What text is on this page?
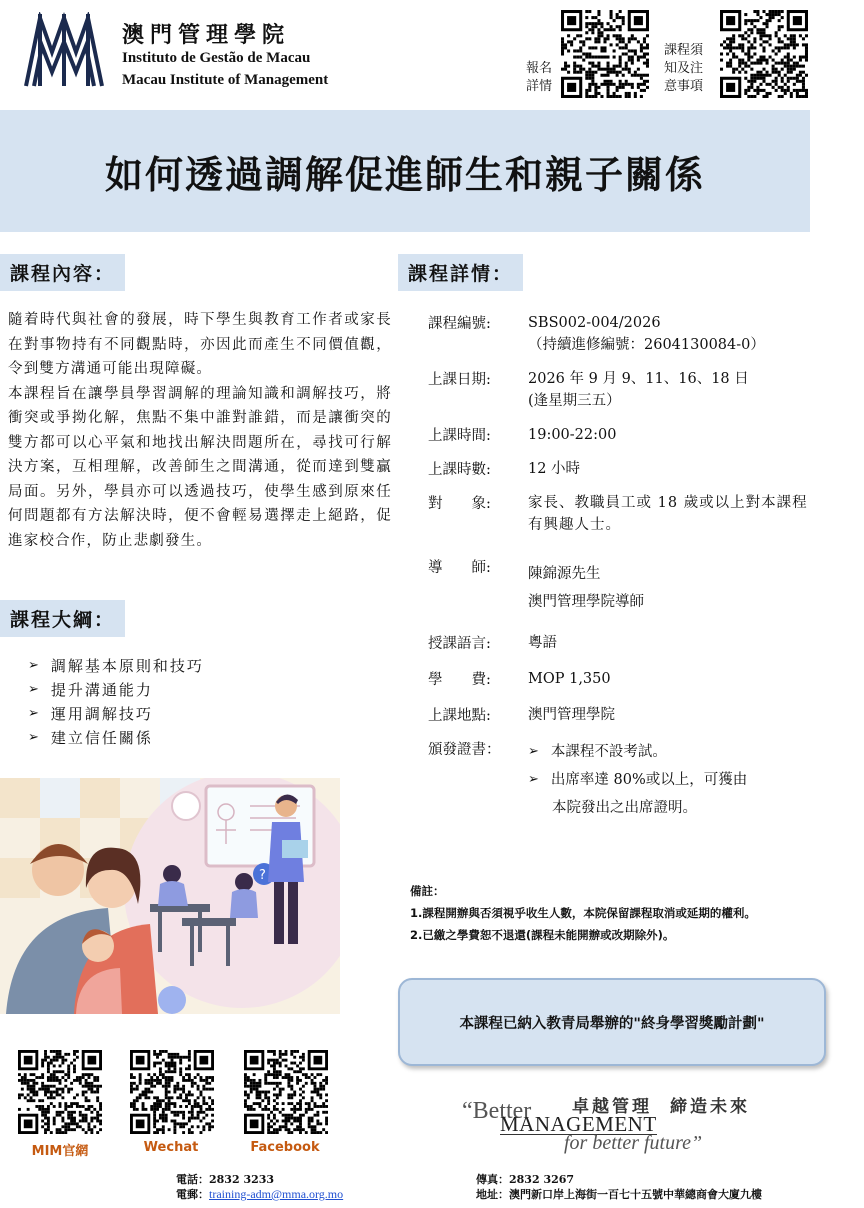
澳門管理學院
Instituto de Gestão de Macau
Macau Institute of Management
報名
詳情
課程須
知及注
意事項
如何透過調解促進師生和親子關係
課程內容：	課程詳情：
課程大綱：

隨着時代與社會的發展，時下學生與教育工作者或家長在對事物持有不同觀點時，亦因此而產生不同價值觀，令到雙方溝通可能出現障礙。

本課程旨在讓學員學習調解的理論知識和調解技巧，將衝突或爭拗化解，焦點不集中誰對誰錯，而是讓衝突的雙方都可以心平氣和地找出解決問題所在，尋找可行解決方案，互相理解，改善師生之間溝通，從而達到雙贏局面。另外，學員亦可以透過技巧，使學生感到原來任何問題都有方法解決時，便不會輕易選擇走上絕路，促進家校合作，防止悲劇發生。

➢ 調解基本原則和技巧
➢ 提升溝通能力
➢ 運用調解技巧
➢ 建立信任關係
?
課程編號:	SBS002-004/2026
（持續進修編號：2604130084-0）
上課日期:	2026 年 9 月 9、11、16、18 日
(逢星期三五）
上課時間:	19:00-22:00
上課時數:	12 小時
對　　象:	家長、教職員工或 18 歲或以上對本課程有興趣人士。
導　　師:	陳錦源先生
澳門管理學院導師
授課語言:	粵語
學　　費:	MOP 1,350
上課地點:	澳門管理學院
頒發證書：	➢ 本課程不設考試。
➢ 出席率達 80%或以上，可獲由
本院發出之出席證明。
備註：
1.課程開辦與否須視乎收生人數，本院保留課程取消或延期的權利。
2.已繳之學費恕不退還(課程未能開辦或改期除外)。
本課程已納入教青局舉辦的"終身學習獎勵計劃"
MIM官網	Wechat	Facebook
卓越管理 締造未來
“Better
MANAGEMENT
for better future”
電話：2832 3233
電郵：training-adm@mma.org.mo
傳真：2832 3267
地址：澳門新口岸上海街一百七十五號中華總商會大廈九樓
